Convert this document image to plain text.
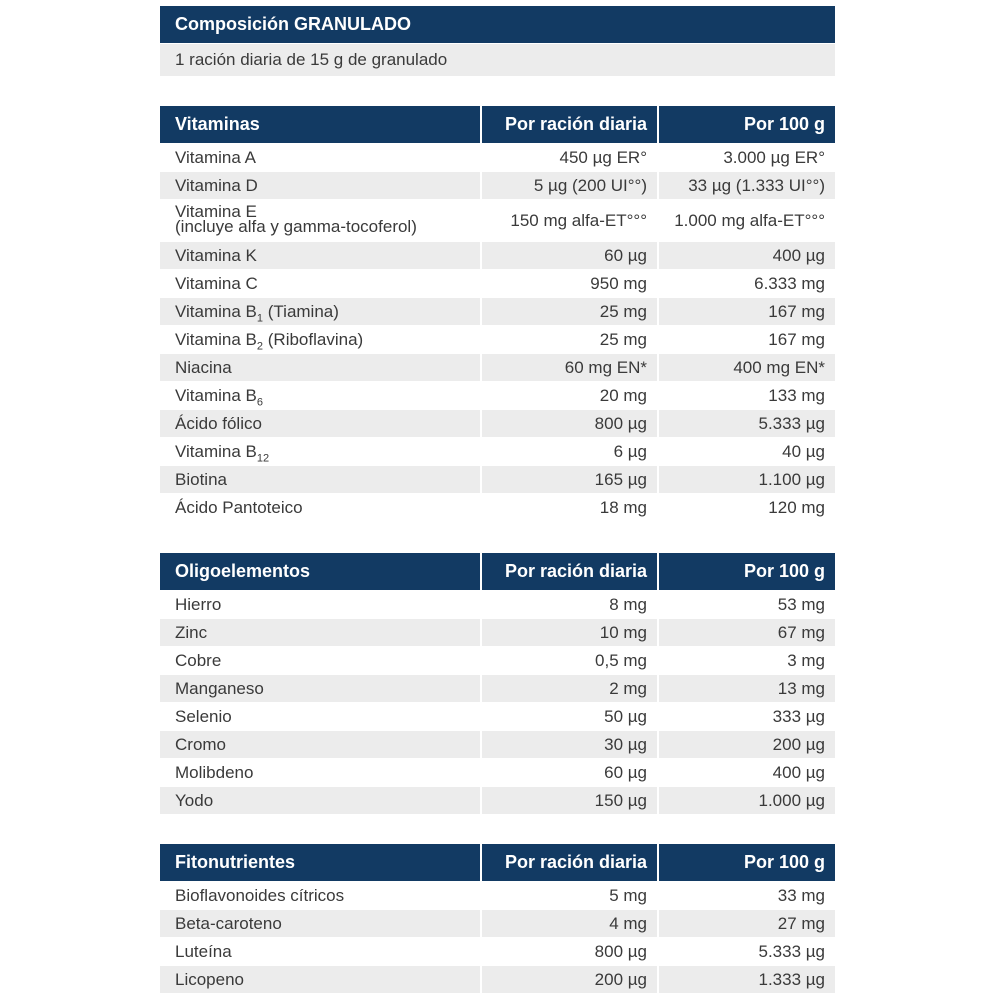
Composición GRANULADO
1 ración diaria de 15 g de granulado
Vitaminas	Por ración diaria	Por 100 g
Vitamina A	450 µg ER°	3.000 µg ER°
Vitamina D	5 µg (200 UI°°)	33 µg (1.333 UI°°)
Vitamina E
(incluye alfa y gamma-tocoferol)	150 mg alfa-ET°°°	1.000 mg alfa-ET°°°
Vitamina K	60 µg	400 µg
Vitamina C	950 mg	6.333 mg
Vitamina $B_1$ (Tiamina)	25 mg	167 mg
Vitamina $B_2$ (Riboflavina)	25 mg	167 mg
Niacina	60 mg EN*	400 mg EN*
Vitamina $B_6$	20 mg	133 mg
Ácido fólico	800 µg	5.333 µg
Vitamina $B_{12}$	6 µg	40 µg
Biotina	165 µg	1.100 µg
Ácido Pantoteico	18 mg	120 mg
Oligoelementos	Por ración diaria	Por 100 g
Hierro	8 mg	53 mg
Zinc	10 mg	67 mg
Cobre	0,5 mg	3 mg
Manganeso	2 mg	13 mg
Selenio	50 µg	333 µg
Cromo	30 µg	200 µg
Molibdeno	60 µg	400 µg
Yodo	150 µg	1.000 µg
Fitonutrientes	Por ración diaria	Por 100 g
Bioflavonoides cítricos	5 mg	33 mg
Beta-caroteno	4 mg	27 mg
Luteína	800 µg	5.333 µg
Licopeno	200 µg	1.333 µg
